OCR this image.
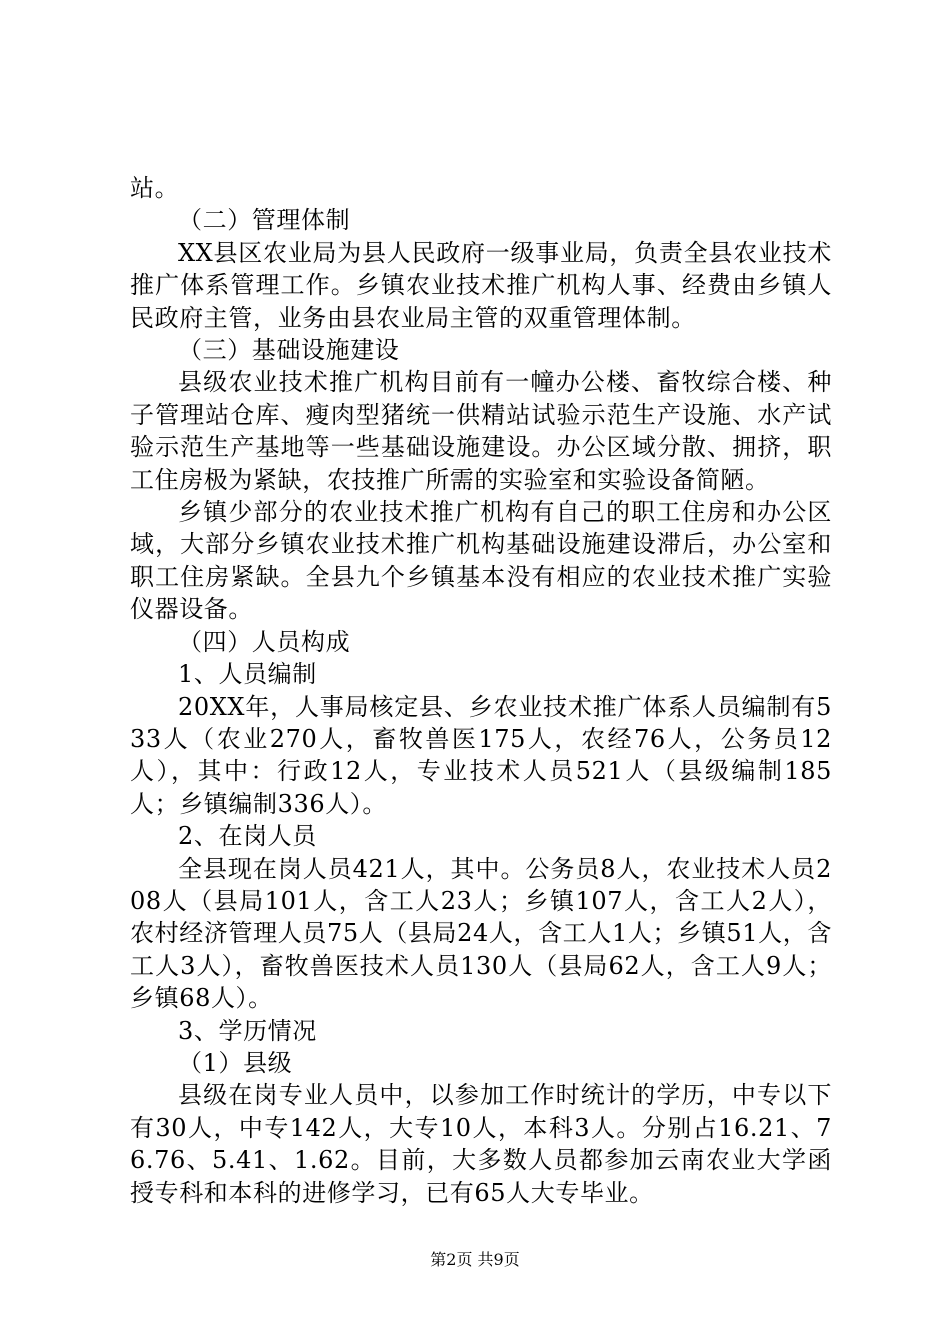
站。

（二）管理体制

XX县区农业局为县人民政府一级事业局，负责全县农业技术推广体系管理工作。乡镇农业技术推广机构人事、经费由乡镇人民政府主管，业务由县农业局主管的双重管理体制。

（三）基础设施建设

县级农业技术推广机构目前有一幢办公楼、畜牧综合楼、种子管理站仓库、瘦肉型猪统一供精站试验示范生产设施、水产试验示范生产基地等一些基础设施建设。办公区域分散、拥挤，职工住房极为紧缺，农技推广所需的实验室和实验设备简陋。

乡镇少部分的农业技术推广机构有自己的职工住房和办公区域，大部分乡镇农业技术推广机构基础设施建设滞后，办公室和职工住房紧缺。全县九个乡镇基本没有相应的农业技术推广实验仪器设备。

（四）人员构成

1、人员编制

20XX年，人事局核定县、乡农业技术推广体系人员编制有533人（农业270人，畜牧兽医175人，农经76人，公务员12人），其中：行政12人，专业技术人员521人（县级编制185人；乡镇编制336人）。

2、在岗人员

全县现在岗人员421人，其中。公务员8人，农业技术人员208人（县局101人，含工人23人；乡镇107人，含工人2人），农村经济管理人员75人（县局24人，含工人1人；乡镇51人，含工人3人），畜牧兽医技术人员130人（县局62人，含工人9人；乡镇68人）。

3、学历情况

（1）县级

县级在岗专业人员中，以参加工作时统计的学历，中专以下有30人，中专142人，大专10人，本科3人。分别占16.21、76.76、5.41、1.62。目前，大多数人员都参加云南农业大学函授专科和本科的进修学习，已有65人大专毕业。

第2页 共9页
